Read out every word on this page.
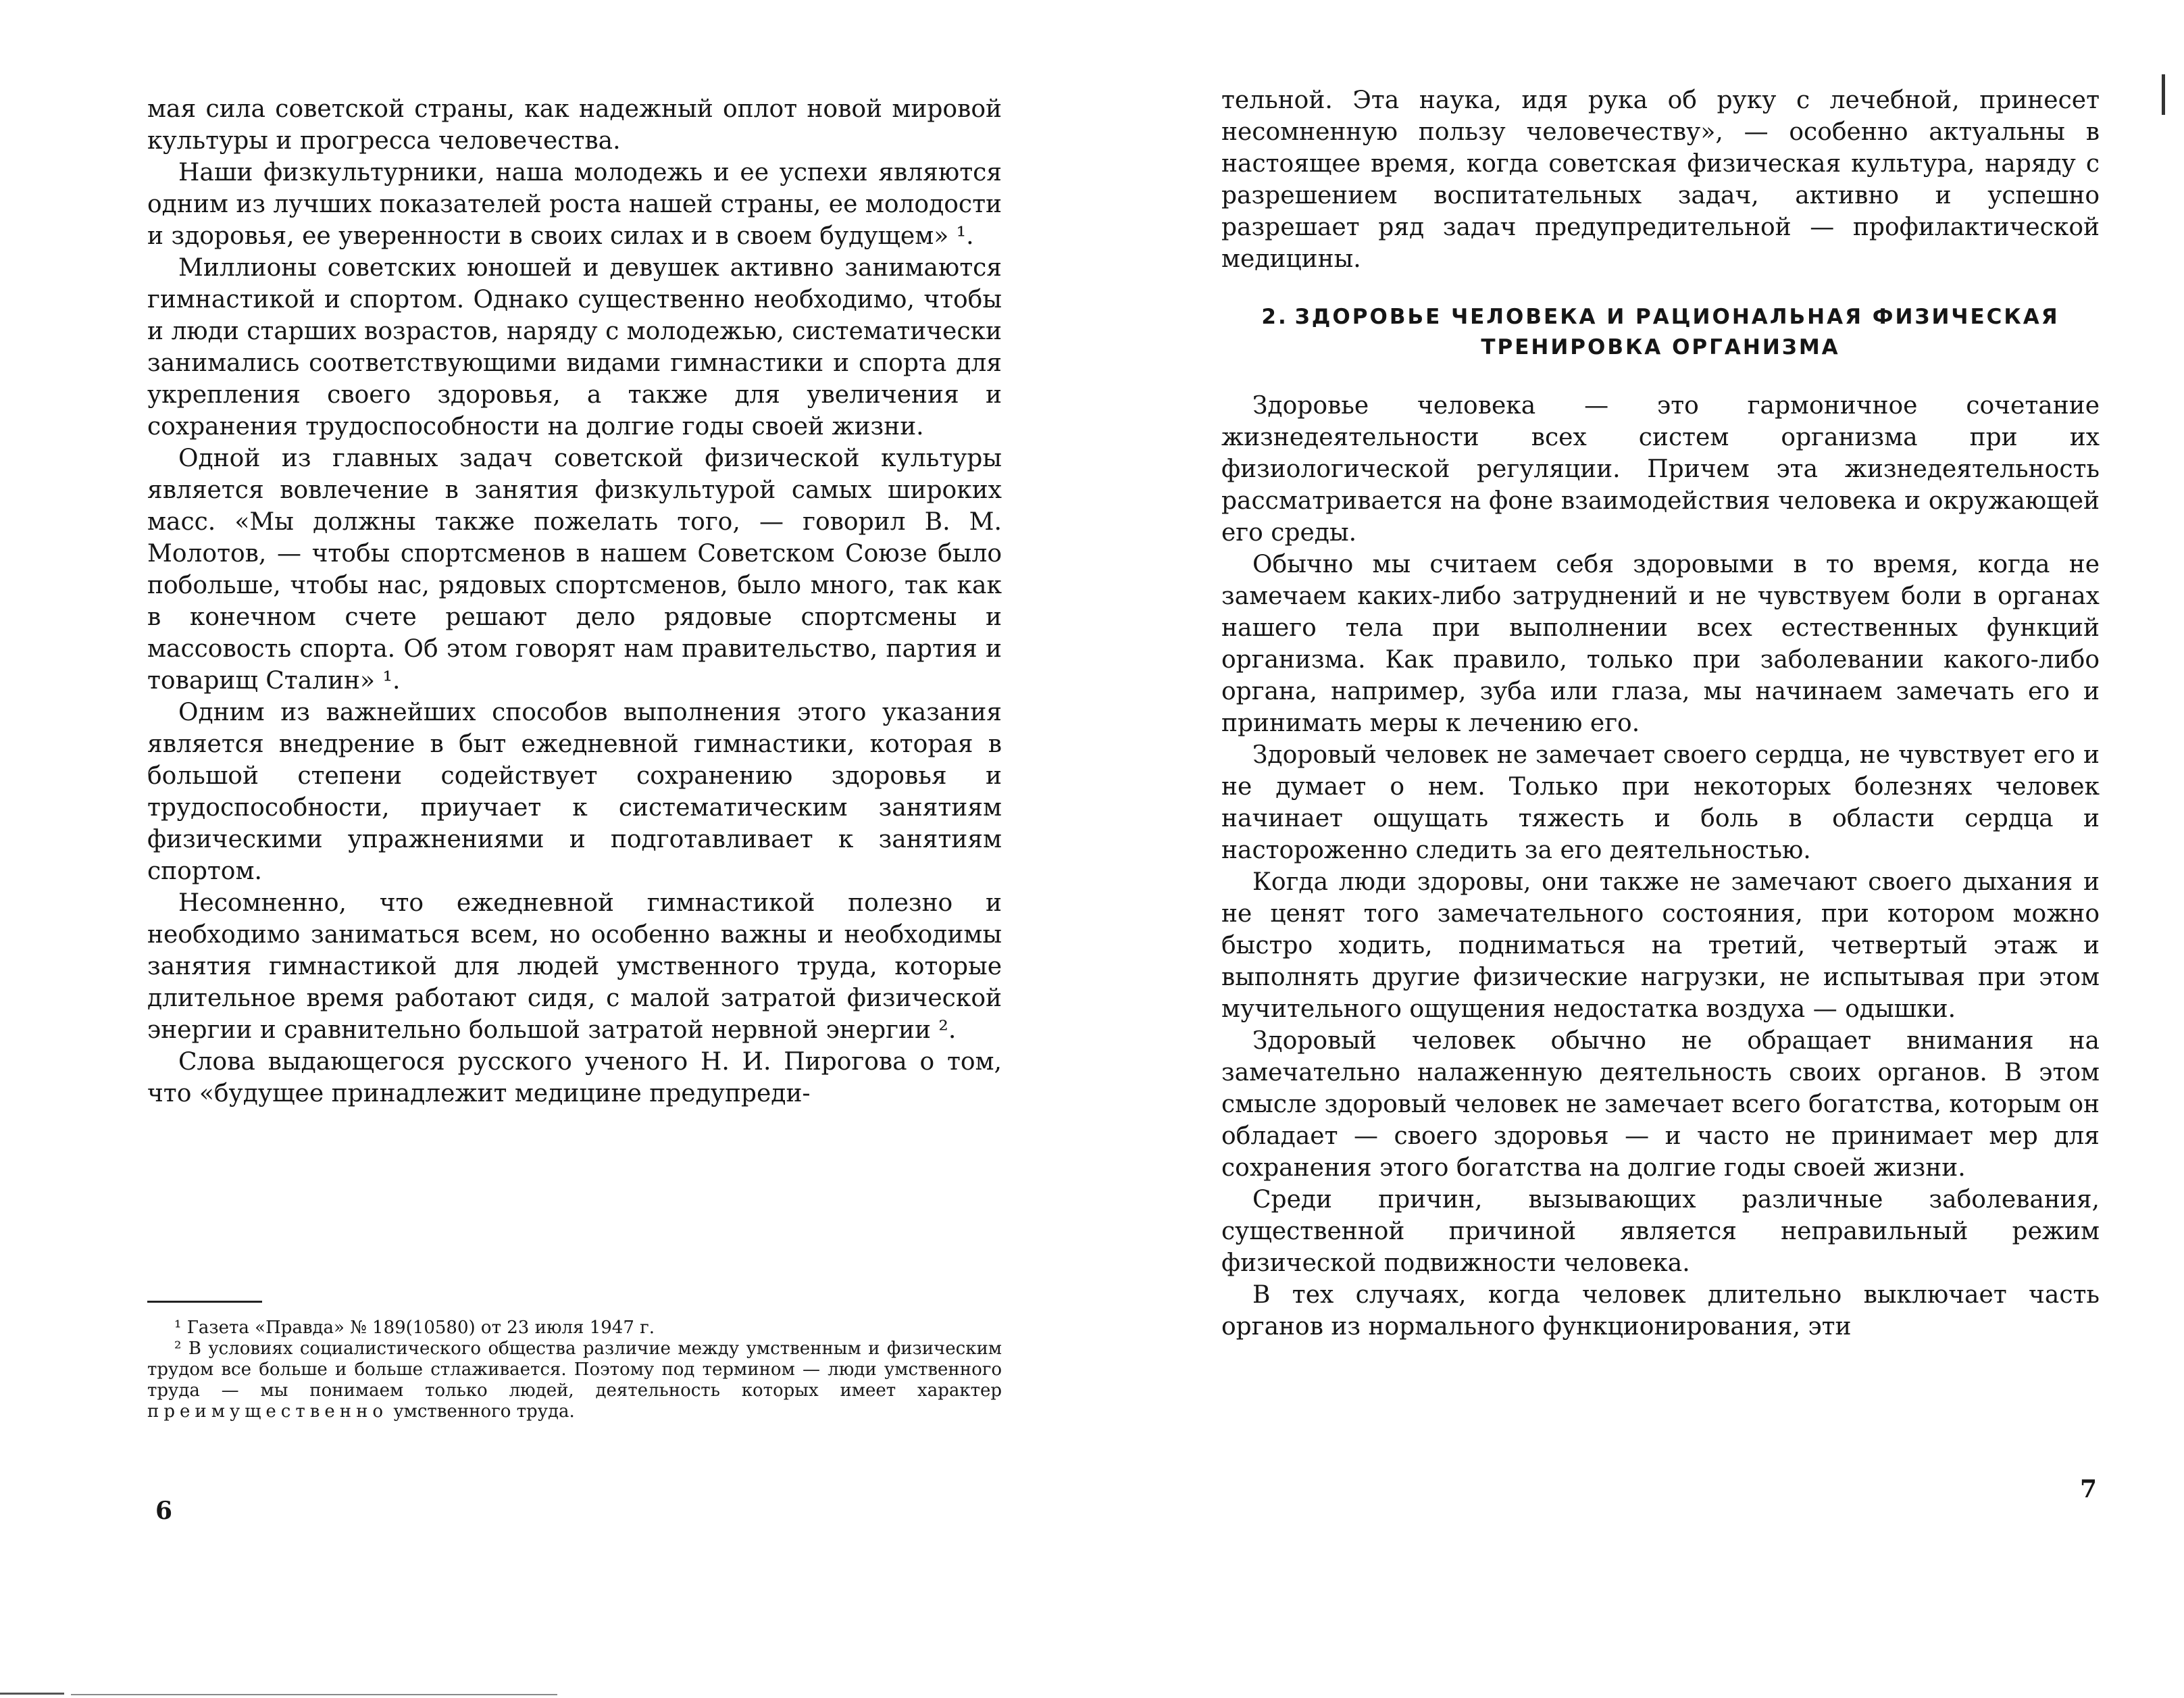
мая сила советской страны, как надежный оплот новой мировой культуры и прогресса человечества.

Наши физкультурники, наша молодежь и ее успехи являются одним из лучших показателей роста нашей страны, ее молодости и здоровья, ее уверенности в своих силах и в своем будущем» ¹.

Миллионы советских юношей и девушек активно занимаются гимнастикой и спортом. Однако существенно необходимо, чтобы и люди старших возрастов, наряду с молодежью, систематически занимались соответствующими видами гимнастики и спорта для укрепления своего здоровья, а также для увеличения и сохранения трудоспособности на долгие годы своей жизни.

Одной из главных задач советской физической культуры является вовлечение в занятия физкультурой самых широких масс. «Мы должны также пожелать того, — говорил В. М. Молотов, — чтобы спортсменов в нашем Советском Союзе было побольше, чтобы нас, рядовых спортсменов, было много, так как в конечном счете решают дело рядовые спортсмены и массовость спорта. Об этом говорят нам правительство, партия и товарищ Сталин» ¹.

Одним из важнейших способов выполнения этого указания является внедрение в быт ежедневной гимнастики, которая в большой степени содействует сохранению здоровья и трудоспособности, приучает к систематическим занятиям физическими упражнениями и подготавливает к занятиям спортом.

Несомненно, что ежедневной гимнастикой полезно и необходимо заниматься всем, но особенно важны и необходимы занятия гимнастикой для людей умственного труда, которые длительное время работают сидя, с малой затратой физической энергии и сравнительно большой затратой нервной энергии ².

Слова выдающегося русского ученого Н. И. Пирогова о том, что «будущее принадлежит медицине предупреди-

¹ Газета «Правда» № 189(10580) от 23 июля 1947 г.

² В условиях социалистического общества различие между умственным и физическим трудом все больше и больше стлаживается. Поэтому под термином — люди умственного труда — мы понимаем только людей, деятельность которых имеет характер преимущественно умственного труда.

6

тельной. Эта наука, идя рука об руку с лечебной, принесет несомненную пользу человечеству», — особенно актуальны в настоящее время, когда советская физическая культура, наряду с разрешением воспитательных задач, активно и успешно разрешает ряд задач предупредительной — профилактической медицины.

2. ЗДОРОВЬЕ ЧЕЛОВЕКА И РАЦИОНАЛЬНАЯ ФИЗИЧЕСКАЯ ТРЕНИРОВКА ОРГАНИЗМА

Здоровье человека — это гармоничное сочетание жизнедеятельности всех систем организма при их физиологической регуляции. Причем эта жизнедеятельность рассматривается на фоне взаимодействия человека и окружающей его среды.

Обычно мы считаем себя здоровыми в то время, когда не замечаем каких-либо затруднений и не чувствуем боли в органах нашего тела при выполнении всех естественных функций организма. Как правило, только при заболевании какого-либо органа, например, зуба или глаза, мы начинаем замечать его и принимать меры к лечению его.

Здоровый человек не замечает своего сердца, не чувствует его и не думает о нем. Только при некоторых болезнях человек начинает ощущать тяжесть и боль в области сердца и настороженно следить за его деятельностью.

Когда люди здоровы, они также не замечают своего дыхания и не ценят того замечательного состояния, при котором можно быстро ходить, подниматься на третий, четвертый этаж и выполнять другие физические нагрузки, не испытывая при этом мучительного ощущения недостатка воздуха — одышки.

Здоровый человек обычно не обращает внимания на замечательно налаженную деятельность своих органов. В этом смысле здоровый человек не замечает всего богатства, которым он обладает — своего здоровья — и часто не принимает мер для сохранения этого богатства на долгие годы своей жизни.

Среди причин, вызывающих различные заболевания, существенной причиной является неправильный режим физической подвижности человека.

В тех случаях, когда человек длительно выключает часть органов из нормального функционирования, эти

7
